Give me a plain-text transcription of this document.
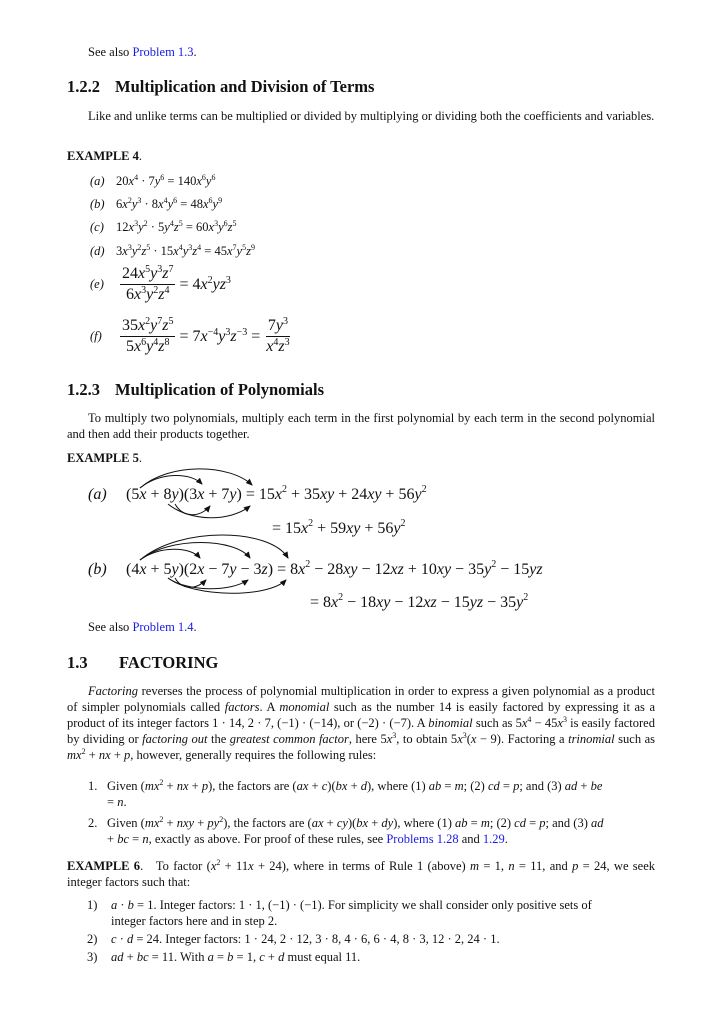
See also Problem 1.3.
1.2.2 Multiplication and Division of Terms
Like and unlike terms can be multiplied or divided by multiplying or dividing both the coefficients and variables.
EXAMPLE 4.
(a) $20x^4 \cdot 7y^6 = 140x^6y^6$
(b) $6x^2y^3 \cdot 8x^4y^6 = 48x^6y^9$
(c) $12x^3y^2 \cdot 5y^4z^5 = 60x^3y^6z^5$
(d) $3x^3y^2z^5 \cdot 15x^4y^3z^4 = 45x^7y^5z^9$
$(e) \frac{24x^5y^3z^7}{6x^3y^2z^4} = 4x^2yz^3$
$(f) \frac{35x^2y^7z^5}{5x^6y^4z^8} = 7x^{-4}y^3z^{-3} = \frac{7y^3}{x^4z^3}$
1.2.3 Multiplication of Polynomials
To multiply two polynomials, multiply each term in the first polynomial by each term in the second polynomial and then add their products together.
EXAMPLE 5.
(a) $(5x + 8y)(3x + 7y) = 15x^2 + 35xy + 24xy + 56y^2$
= $15x^2 + 59xy + 56y^2$
(b) $(4x + 5y)(2x - 7y - 3z) = 8x^2 - 28xy - 12xz + 10xy - 35y^2 - 15yz$
= $8x^2 - 18xy - 12xz - 15yz - 35y^2$
See also Problem 1.4.
1.3 FACTORING
Factoring reverses the process of polynomial multiplication in order to express a given polynomial as a product of simpler polynomials called factors. A monomial such as the number 14 is easily factored by expressing it as a product of its integer factors 1 · 14, 2 · 7, (−1) · (−14), or (−2) · (−7). A binomial such as $5x^4 - 45x^3$ is easily factored by dividing or factoring out the greatest common factor, here $5x^3$, to obtain $5x^3(x - 9)$. Factoring a trinomial such as $mx^2$ + nx + p, however, generally requires the following rules:
1. Given ($mx^2$ + nx + p), the factors are (ax + c)(bx + d), where (1) ab = m; (2) cd = p; and (3) ad + be
= n.
2. Given ($mx^2$ + nxy + $py^2$), the factors are (ax + cy)(bx + dy), where (1) ab = m; (2) cd = p; and (3) ad
+ bc = n, exactly as above. For proof of these rules, see Problems 1.28 and 1.29.
EXAMPLE 6.   To factor $(x^2 + 11x + 24)$, where in terms of Rule 1 (above) m = 1, n = 11, and p = 24, we seek integer factors such that:
1) a · b = 1. Integer factors: 1 · 1, (−1) · (−1). For simplicity we shall consider only positive sets of
integer factors here and in step 2.
2) c · d = 24. Integer factors: 1 · 24, 2 · 12, 3 · 8, 4 · 6, 6 · 4, 8 · 3, 12 · 2, 24 · 1.
3) ad + bc = 11. With a = b = 1, c + d must equal 11.
